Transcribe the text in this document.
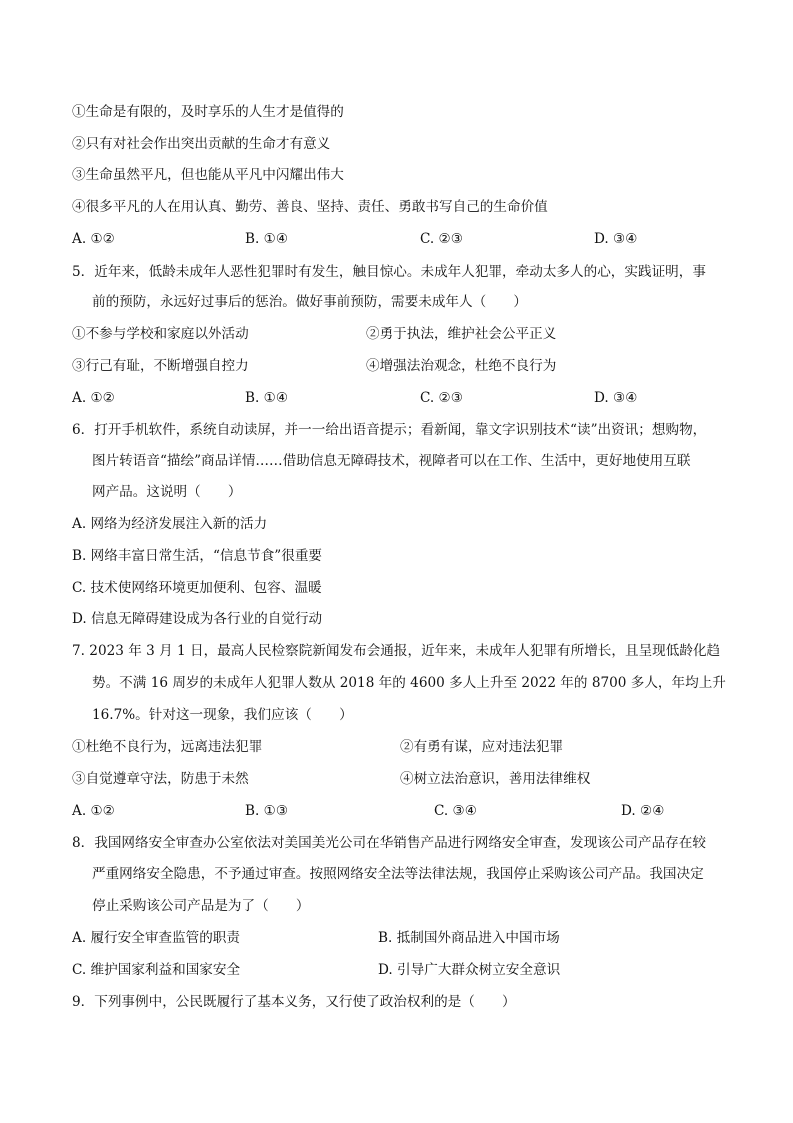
①生命是有限的，及时享乐的人生才是值得的
②只有对社会作出突出贡献的生命才有意义
③生命虽然平凡，但也能从平凡中闪耀出伟大
④很多平凡的人在用认真、勤劳、善良、坚持、责任、勇敢书写自己的生命价值
A. ①②	B. ①④	C. ②③	D. ③④
5．近年来，低龄未成年人恶性犯罪时有发生，触目惊心。未成年人犯罪，牵动太多人的心，实践证明，事
前的预防，永远好过事后的惩治。做好事前预防，需要未成年人（　　）
①不参与学校和家庭以外活动	②勇于执法，维护社会公平正义
③行己有耻，不断增强自控力	④增强法治观念，杜绝不良行为
A. ①②	B. ①④	C. ②③	D. ③④
6．打开手机软件，系统自动读屏，并一一给出语音提示；看新闻，靠文字识别技术“读”出资讯；想购物，
图片转语音“描绘”商品详情……借助信息无障碍技术，视障者可以在工作、生活中，更好地使用互联
网产品。这说明（　　）
A. 网络为经济发展注入新的活力
B. 网络丰富日常生活，“信息节食”很重要
C. 技术使网络环境更加便利、包容、温暖
D. 信息无障碍建设成为各行业的自觉行动
7. 2023 年 3 月 1 日，最高人民检察院新闻发布会通报，近年来，未成年人犯罪有所增长，且呈现低龄化趋
势。不满 16 周岁的未成年人犯罪人数从 2018 年的 4600 多人上升至 2022 年的 8700 多人，年均上升
16.7%。针对这一现象，我们应该（　　）
①杜绝不良行为，远离违法犯罪	②有勇有谋，应对违法犯罪
③自觉遵章守法，防患于未然	④树立法治意识，善用法律维权
A. ①②	B. ①③	C. ③④	D. ②④
8．我国网络安全审查办公室依法对美国美光公司在华销售产品进行网络安全审查，发现该公司产品存在较
严重网络安全隐患，不予通过审查。按照网络安全法等法律法规，我国停止采购该公司产品。我国决定
停止采购该公司产品是为了（　　）
A. 履行安全审查监管的职责	B. 抵制国外商品进入中国市场
C. 维护国家利益和国家安全	D. 引导广大群众树立安全意识
9．下列事例中，公民既履行了基本义务，又行使了政治权利的是（　　）
